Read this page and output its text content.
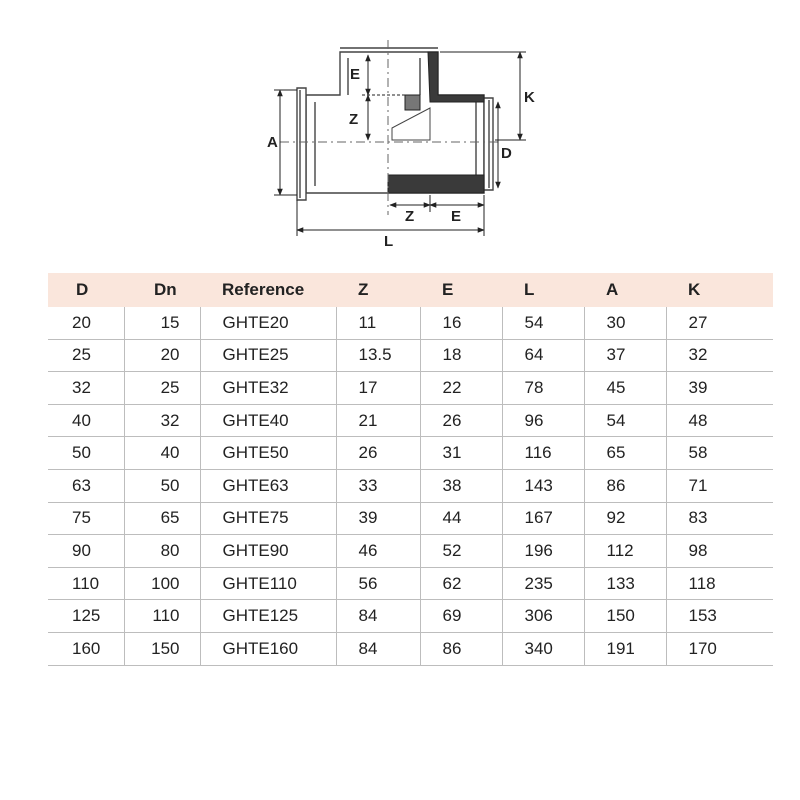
E
Z
A
K
D
Z E
L
D	Dn	Reference	Z	E	L	A	K
20	15	GHTE20	11	16	54	30	27
25	20	GHTE25	13.5	18	64	37	32
32	25	GHTE32	17	22	78	45	39
40	32	GHTE40	21	26	96	54	48
50	40	GHTE50	26	31	116	65	58
63	50	GHTE63	33	38	143	86	71
75	65	GHTE75	39	44	167	92	83
90	80	GHTE90	46	52	196	112	98
110	100	GHTE110	56	62	235	133	118
125	110	GHTE125	84	69	306	150	153
160	150	GHTE160	84	86	340	191	170
